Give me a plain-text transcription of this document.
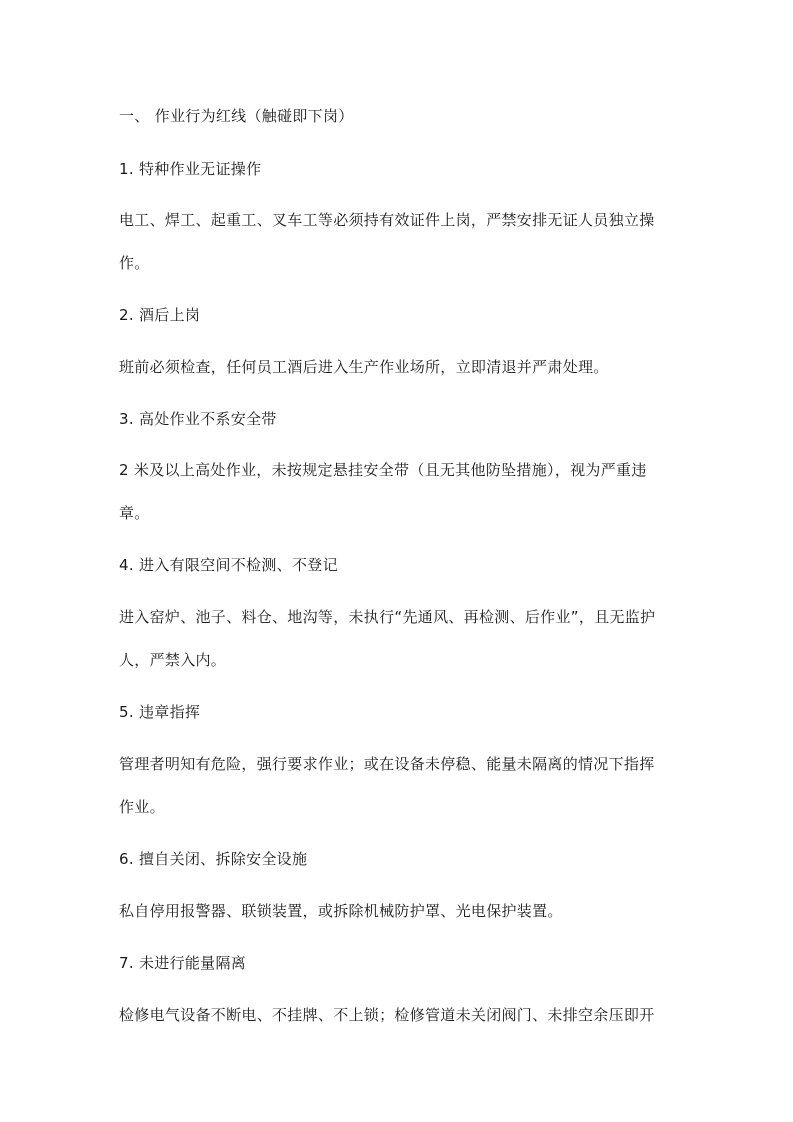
一、 作业行为红线（触碰即下岗）
1. 特种作业无证操作
电工、焊工、起重工、叉车工等必须持有效证件上岗，严禁安排无证人员独立操
作。
2. 酒后上岗
班前必须检查，任何员工酒后进入生产作业场所，立即清退并严肃处理。
3. 高处作业不系安全带
2 米及以上高处作业，未按规定悬挂安全带（且无其他防坠措施），视为严重违
章。
4. 进入有限空间不检测、不登记
进入窑炉、池子、料仓、地沟等，未执行“先通风、再检测、后作业”，且无监护
人，严禁入内。
5. 违章指挥
管理者明知有危险，强行要求作业；或在设备未停稳、能量未隔离的情况下指挥
作业。
6. 擅自关闭、拆除安全设施
私自停用报警器、联锁装置，或拆除机械防护罩、光电保护装置。
7. 未进行能量隔离
检修电气设备不断电、不挂牌、不上锁；检修管道未关闭阀门、未排空余压即开
